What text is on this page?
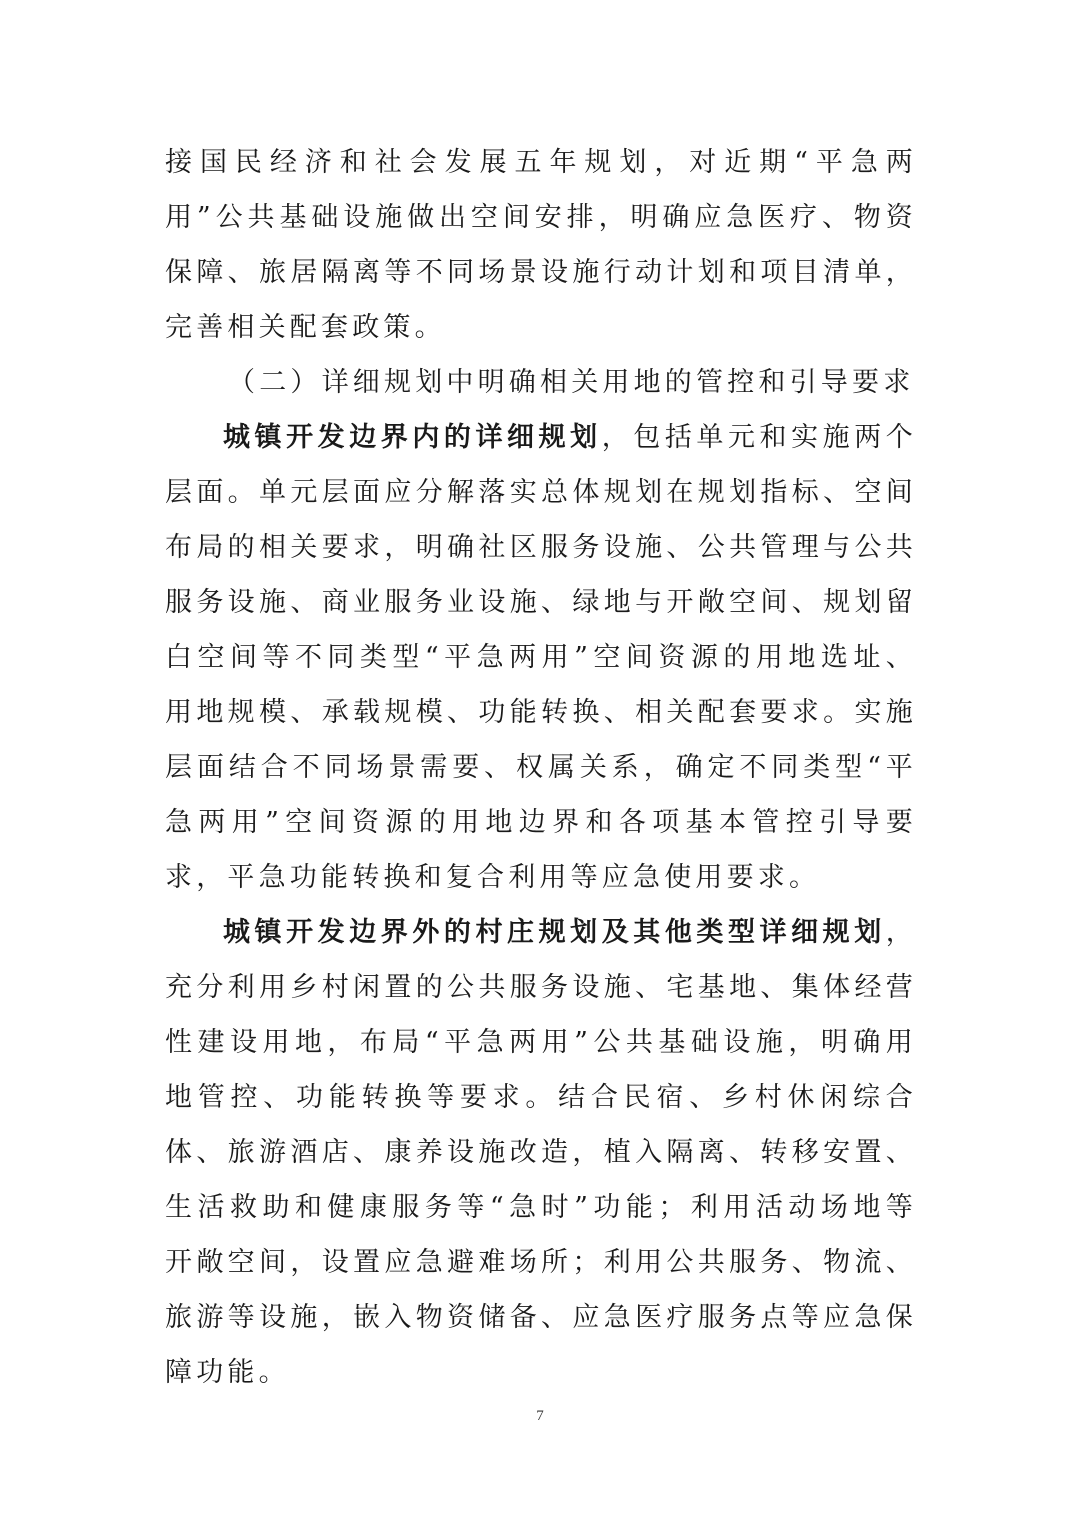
接国民经济和社会发展五年规划，对近期“平急两用”公共基础设施做出空间安排，明确应急医疗、物资保障、旅居隔离等不同场景设施行动计划和项目清单，完善相关配套政策。

（二）详细规划中明确相关用地的管控和引导要求

城镇开发边界内的详细规划，包括单元和实施两个层面。单元层面应分解落实总体规划在规划指标、空间布局的相关要求，明确社区服务设施、公共管理与公共服务设施、商业服务业设施、绿地与开敞空间、规划留白空间等不同类型“平急两用”空间资源的用地选址、用地规模、承载规模、功能转换、相关配套要求。实施层面结合不同场景需要、权属关系，确定不同类型“平急两用”空间资源的用地边界和各项基本管控引导要求，平急功能转换和复合利用等应急使用要求。

城镇开发边界外的村庄规划及其他类型详细规划，充分利用乡村闲置的公共服务设施、宅基地、集体经营性建设用地，布局“平急两用”公共基础设施，明确用地管控、功能转换等要求。结合民宿、乡村休闲综合体、旅游酒店、康养设施改造，植入隔离、转移安置、生活救助和健康服务等“急时”功能；利用活动场地等开敞空间，设置应急避难场所；利用公共服务、物流、旅游等设施，嵌入物资储备、应急医疗服务点等应急保障功能。

7
